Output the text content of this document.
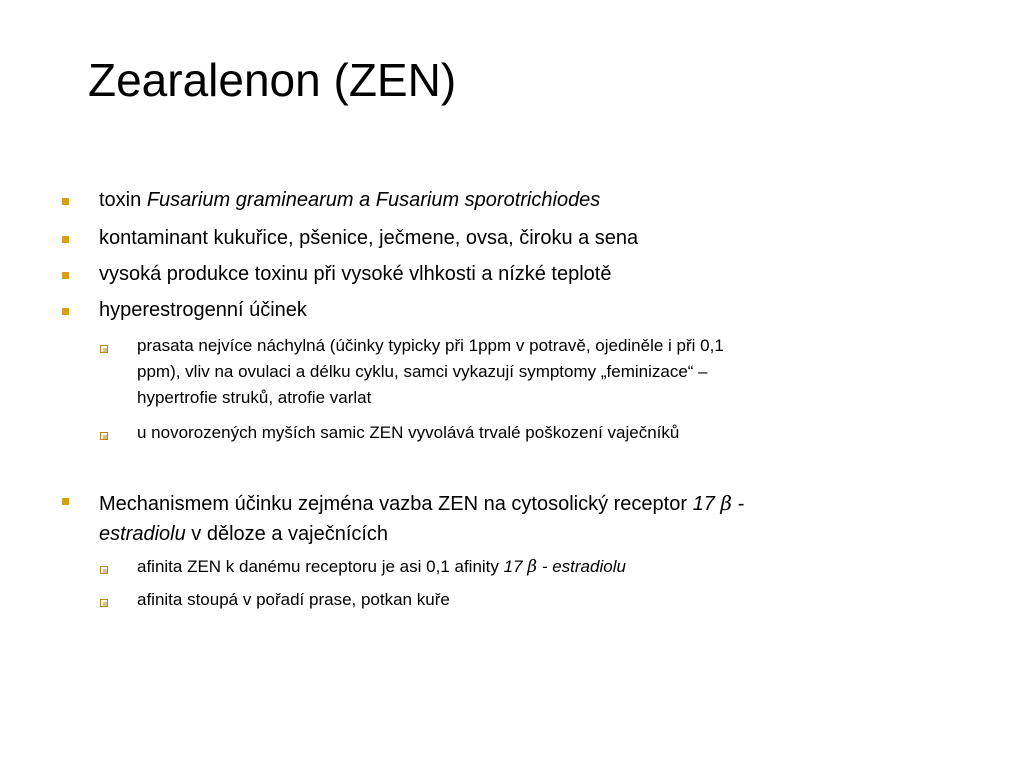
Zearalenon (ZEN)
toxin Fusarium graminearum a Fusarium sporotrichiodes
kontaminant kukuřice, pšenice, ječmene, ovsa, čiroku a sena
vysoká produkce toxinu při vysoké vlhkosti a nízké teplotě
hyperestrogenní účinek
prasata nejvíce náchylná (účinky typicky při 1ppm v potravě, ojediněle i při 0,1
ppm), vliv na ovulaci a délku cyklu, samci vykazují symptomy „feminizace“ –
hypertrofie struků, atrofie varlat
u novorozených myších samic ZEN vyvolává trvalé poškození vaječníků
Mechanismem účinku zejména vazba ZEN na cytosolický receptor 17 β -
estradiolu v děloze a vaječnících
afinita ZEN k danému receptoru je asi 0,1 afinity 17 β - estradiolu
afinita stoupá v pořadí prase, potkan kuře
